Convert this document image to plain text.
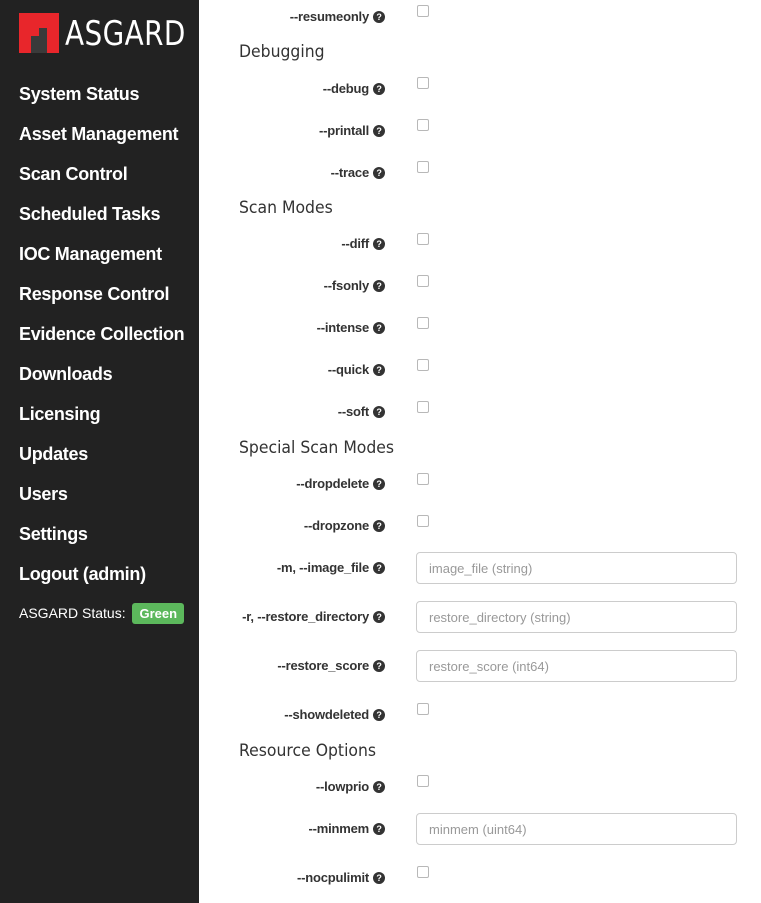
ASGARD
System Status
Asset Management
Scan Control
Scheduled Tasks
IOC Management
Response Control
Evidence Collection
Downloads
Licensing
Updates
Users
Settings
Logout (admin)
ASGARD Status: Green
--resumeonly ?
Debugging
--debug ?
--printall ?
--trace ?
Scan Modes
--diff ?
--fsonly ?
--intense ?
--quick ?
--soft ?
Special Scan Modes
--dropdelete ?
--dropzone ?
-m, --image_file ?
image_file (string)
-r, --restore_directory ?
restore_directory (string)
--restore_score ?
restore_score (int64)
--showdeleted ?
Resource Options
--lowprio ?
--minmem ?
minmem (uint64)
--nocpulimit ?
